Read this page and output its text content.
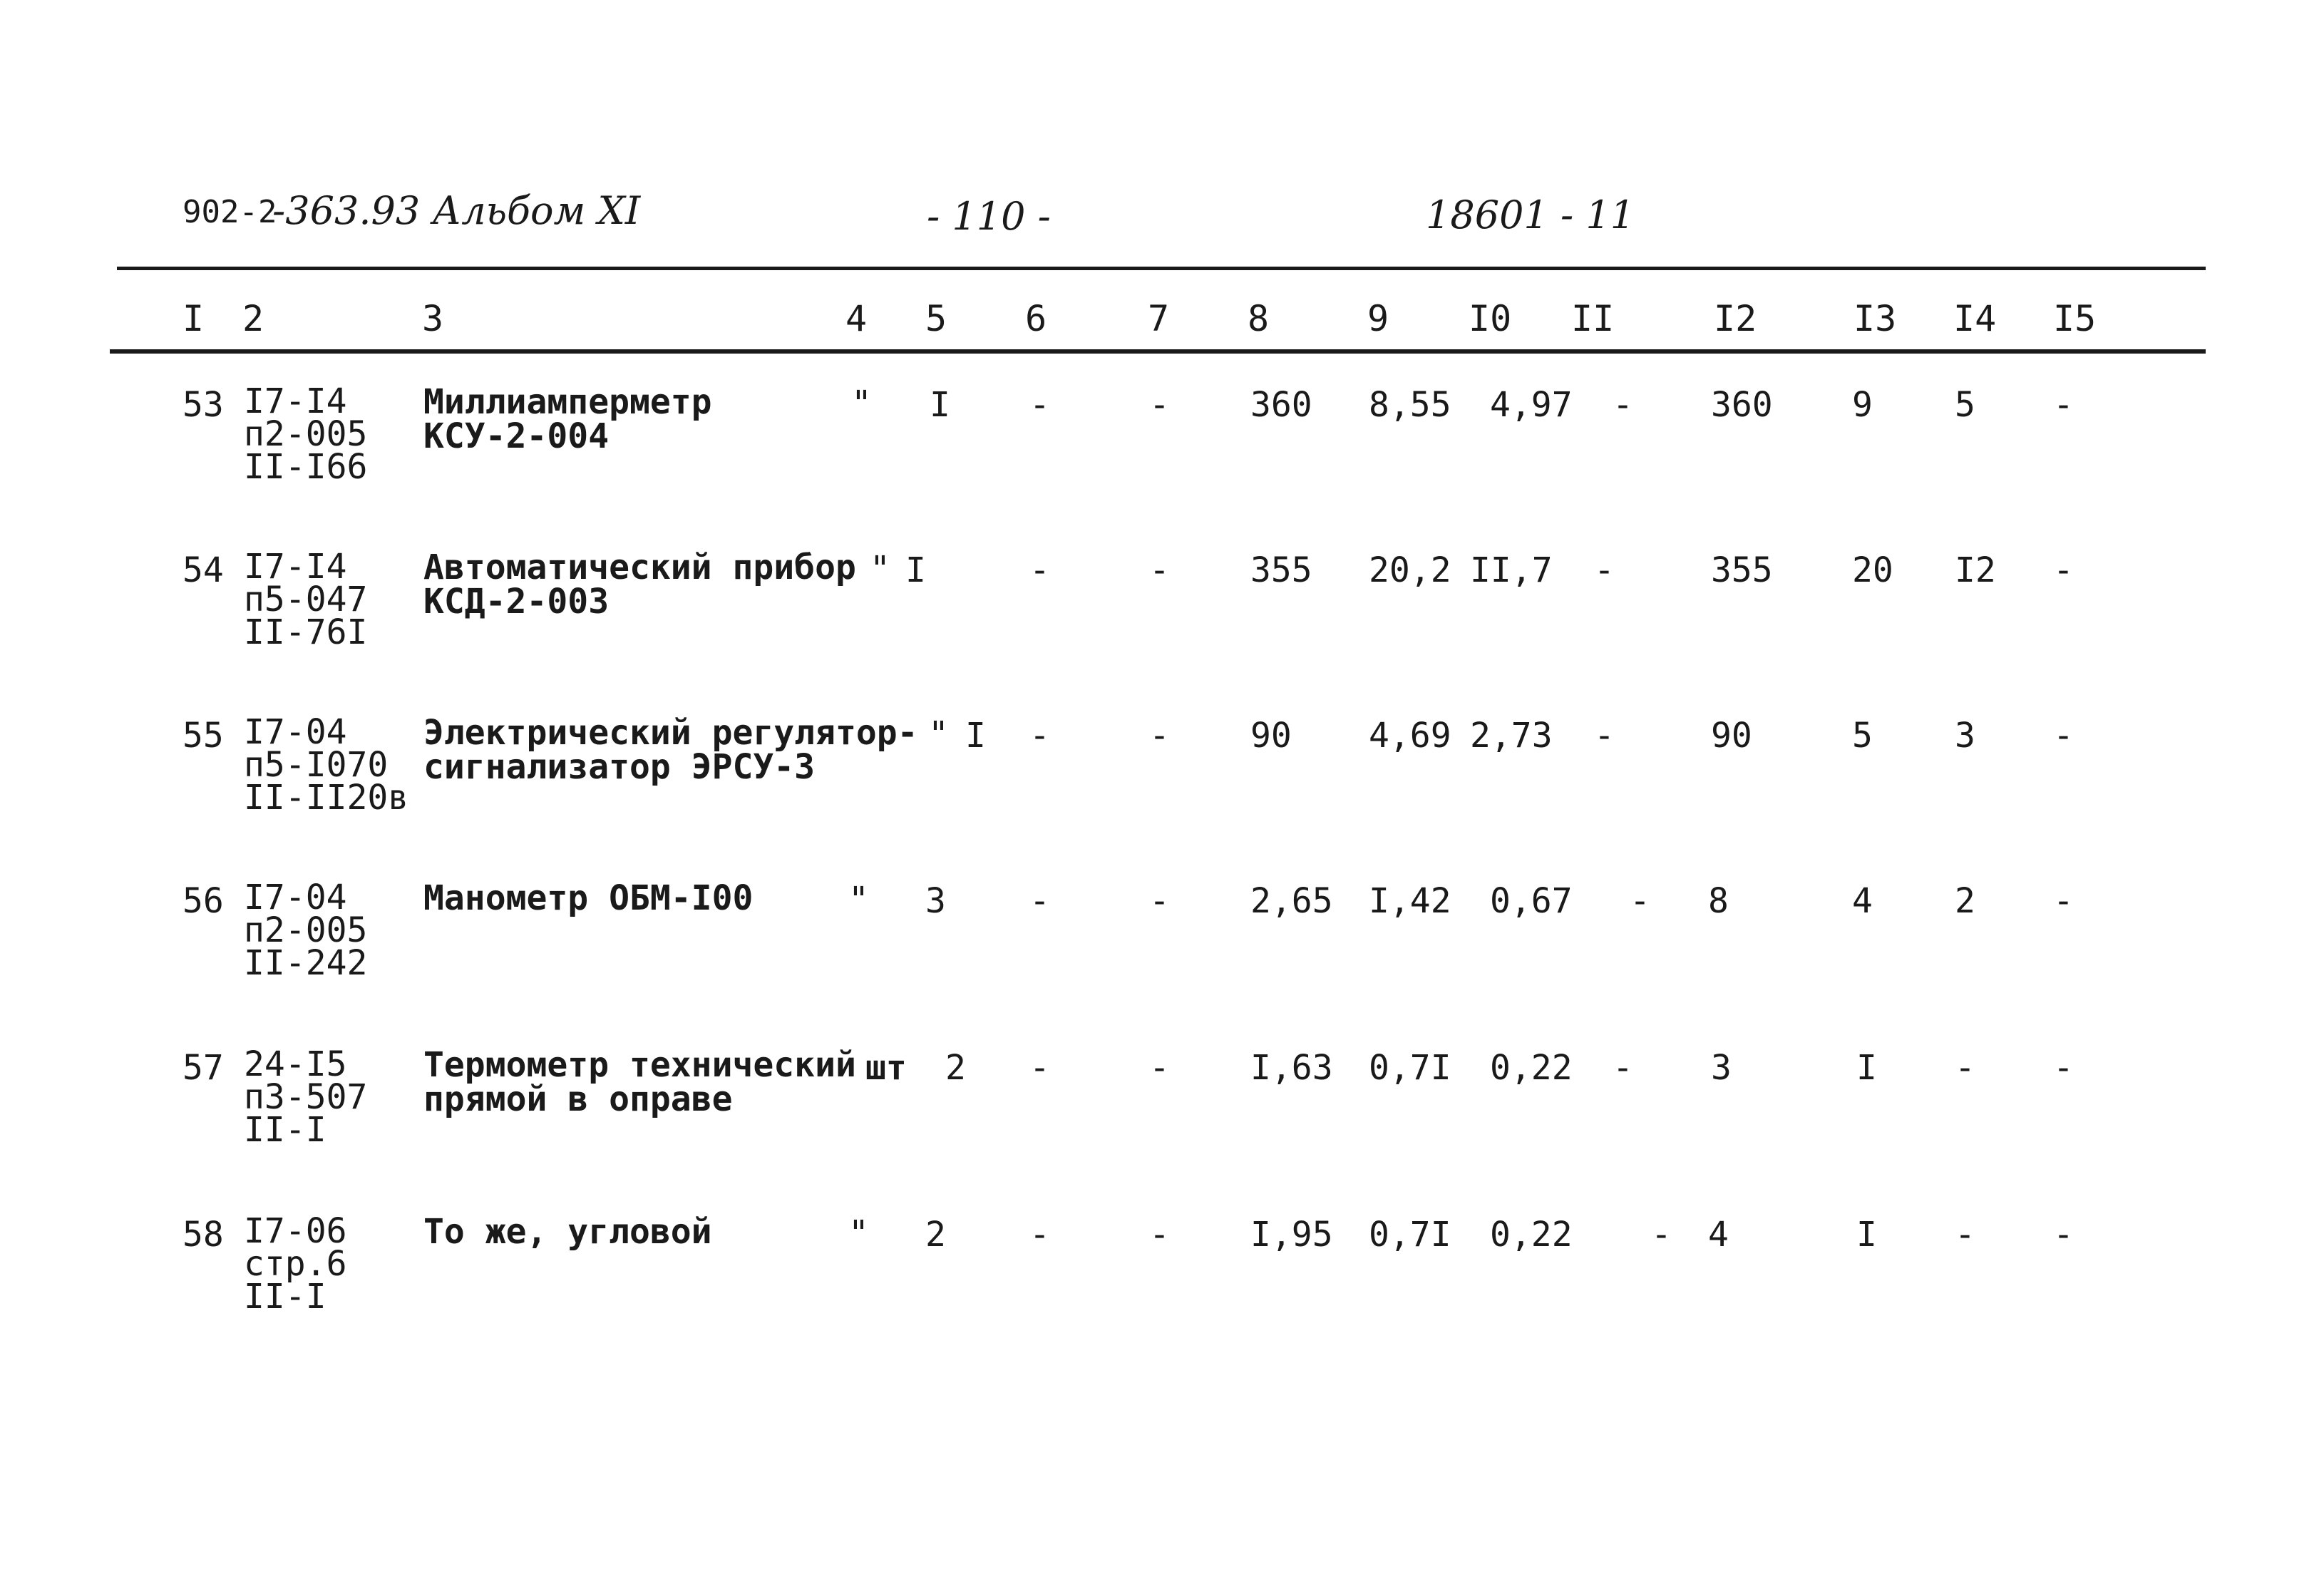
902-2
-363.93 Альбом XI	- 110 -	18601 - 11
I 2	3	4 5 6	7 8	9 I0 II	I2	I3 I4 I5
53 I7-I4
п2-005
II-I66
Миллиамперметр
КСУ-2-004
" I -	- 360 8,55 4,97 - 360 9 5 -
54 I7-I4
п5-047
II-76I
Автоматический прибор
КСД-2-003
" I	-	- 355 20,2 II,7 -	355 20 I2 -
55 I7-04
п5-I070
II-II20в
Электрический регулятор-
сигнализатор ЭРСУ-3
" I -	- 90 4,69 2,73 -	90	5 3 -
56 I7-04
п2-005
II-242
Манометр ОБМ-I00	" 3 -	- 2,65 I,42 0,67 - 8	4 2 -
57 24-I5
п3-507
II-I
Термометр технический
прямой в оправе
шт 2 -	- I,63 0,7I 0,22 - 3	I - -
58 I7-06
стр.6
II-I
То же, угловой	" 2 -	- I,95 0,7I 0,22 - 4	I - -
